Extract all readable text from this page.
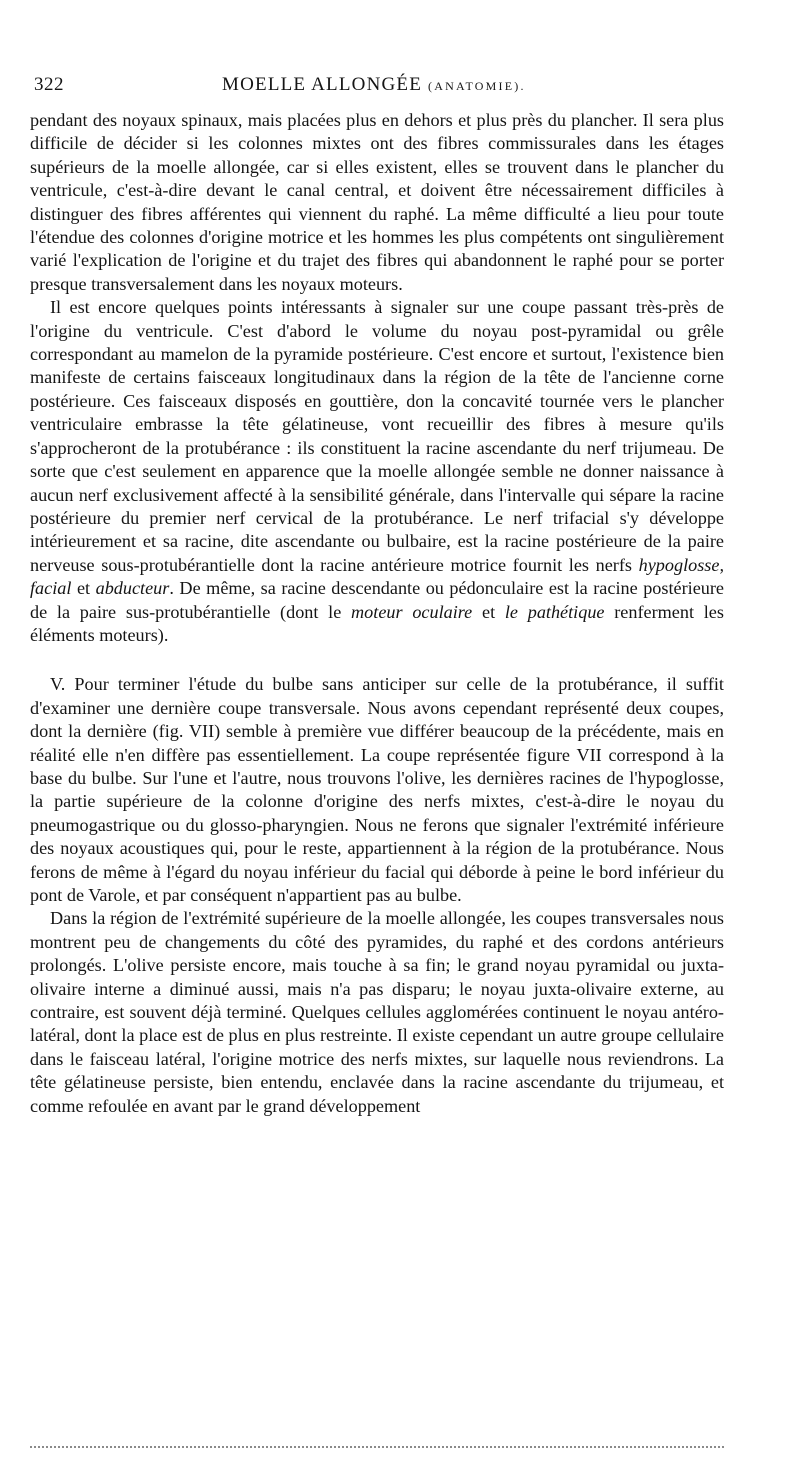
322	MOELLE ALLONGÉE (ANATOMIE).

pendant des noyaux spinaux, mais placées plus en dehors et plus près du plancher. Il sera plus difficile de décider si les colonnes mixtes ont des fibres commissurales dans les étages supérieurs de la moelle allongée, car si elles existent, elles se trouvent dans le plancher du ventricule, c'est-à-dire devant le canal central, et doivent être nécessairement difficiles à distinguer des fibres afférentes qui viennent du raphé. La même difficulté a lieu pour toute l'étendue des colonnes d'origine motrice et les hommes les plus compétents ont singulièrement varié l'explication de l'origine et du trajet des fibres qui abandonnent le raphé pour se porter presque transversalement dans les noyaux moteurs.

Il est encore quelques points intéressants à signaler sur une coupe passant très-près de l'origine du ventricule. C'est d'abord le volume du noyau post-pyramidal ou grêle correspondant au mamelon de la pyramide postérieure. C'est encore et surtout, l'existence bien manifeste de certains faisceaux longitudinaux dans la région de la tête de l'ancienne corne postérieure. Ces faisceaux disposés en gouttière, don la concavité tournée vers le plancher ventriculaire embrasse la tête gélatineuse, vont recueillir des fibres à mesure qu'ils s'approcheront de la protubérance : ils constituent la racine ascendante du nerf trijumeau. De sorte que c'est seulement en apparence que la moelle allongée semble ne donner naissance à aucun nerf exclusivement affecté à la sensibilité générale, dans l'intervalle qui sépare la racine postérieure du premier nerf cervical de la protubérance. Le nerf trifacial s'y développe intérieurement et sa racine, dite ascendante ou bulbaire, est la racine postérieure de la paire nerveuse sous-protubérantielle dont la racine antérieure motrice fournit les nerfs hypoglosse, facial et abducteur. De même, sa racine descendante ou pédonculaire est la racine postérieure de la paire sus-protubérantielle (dont le moteur oculaire et le pathétique renferment les éléments moteurs).

V. Pour terminer l'étude du bulbe sans anticiper sur celle de la protubérance, il suffit d'examiner une dernière coupe transversale. Nous avons cependant représenté deux coupes, dont la dernière (fig. VII) semble à première vue différer beaucoup de la précédente, mais en réalité elle n'en diffère pas essentiellement. La coupe représentée figure VII correspond à la base du bulbe. Sur l'une et l'autre, nous trouvons l'olive, les dernières racines de l'hypoglosse, la partie supérieure de la colonne d'origine des nerfs mixtes, c'est-à-dire le noyau du pneumogastrique ou du glosso-pharyngien. Nous ne ferons que signaler l'extrémité inférieure des noyaux acoustiques qui, pour le reste, appartiennent à la région de la protubérance. Nous ferons de même à l'égard du noyau inférieur du facial qui déborde à peine le bord inférieur du pont de Varole, et par conséquent n'appartient pas au bulbe.

Dans la région de l'extrémité supérieure de la moelle allongée, les coupes transversales nous montrent peu de changements du côté des pyramides, du raphé et des cordons antérieurs prolongés. L'olive persiste encore, mais touche à sa fin; le grand noyau pyramidal ou juxta-olivaire interne a diminué aussi, mais n'a pas disparu; le noyau juxta-olivaire externe, au contraire, est souvent déjà terminé. Quelques cellules agglomérées continuent le noyau antéro-latéral, dont la place est de plus en plus restreinte. Il existe cependant un autre groupe cellulaire dans le faisceau latéral, l'origine motrice des nerfs mixtes, sur laquelle nous reviendrons. La tête gélatineuse persiste, bien entendu, enclavée dans la racine ascendante du trijumeau, et comme refoulée en avant par le grand développement
